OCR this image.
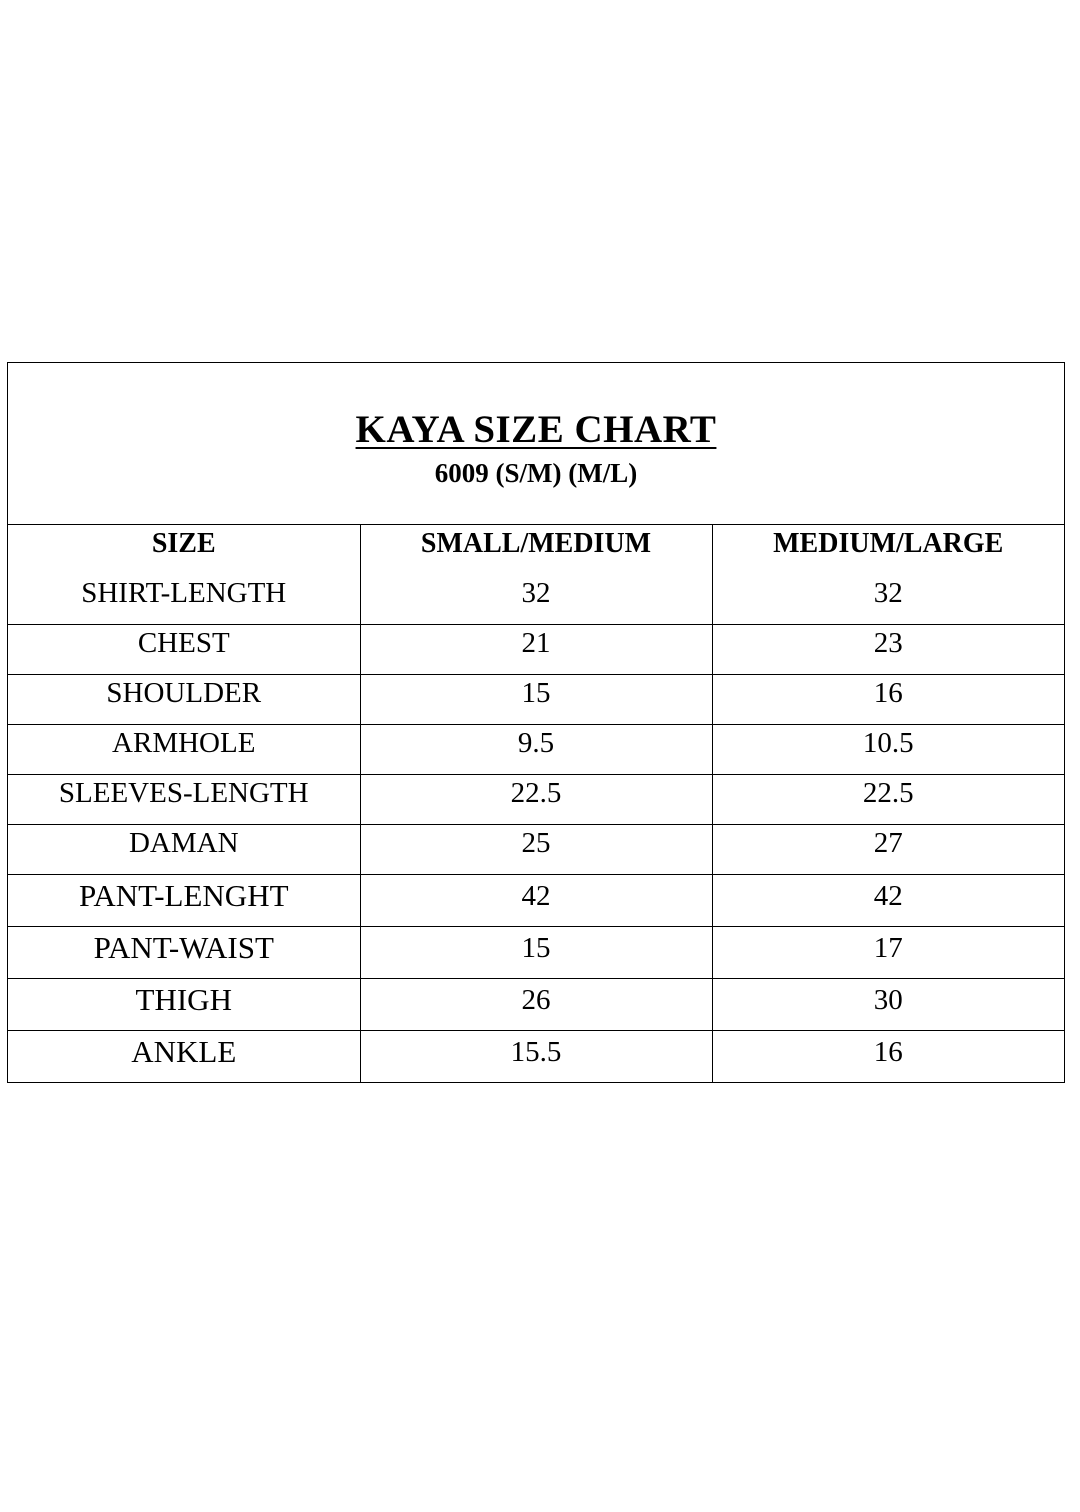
KAYA SIZE CHART
6009 (S/M) (M/L)
SIZE	SMALL/MEDIUM	MEDIUM/LARGE
SHIRT-LENGTH	32	32
CHEST	21	23
SHOULDER	15	16
ARMHOLE	9.5	10.5
SLEEVES-LENGTH	22.5	22.5
DAMAN	25	27
PANT-LENGHT	42	42
PANT-WAIST	15	17
THIGH	26	30
ANKLE	15.5	16
